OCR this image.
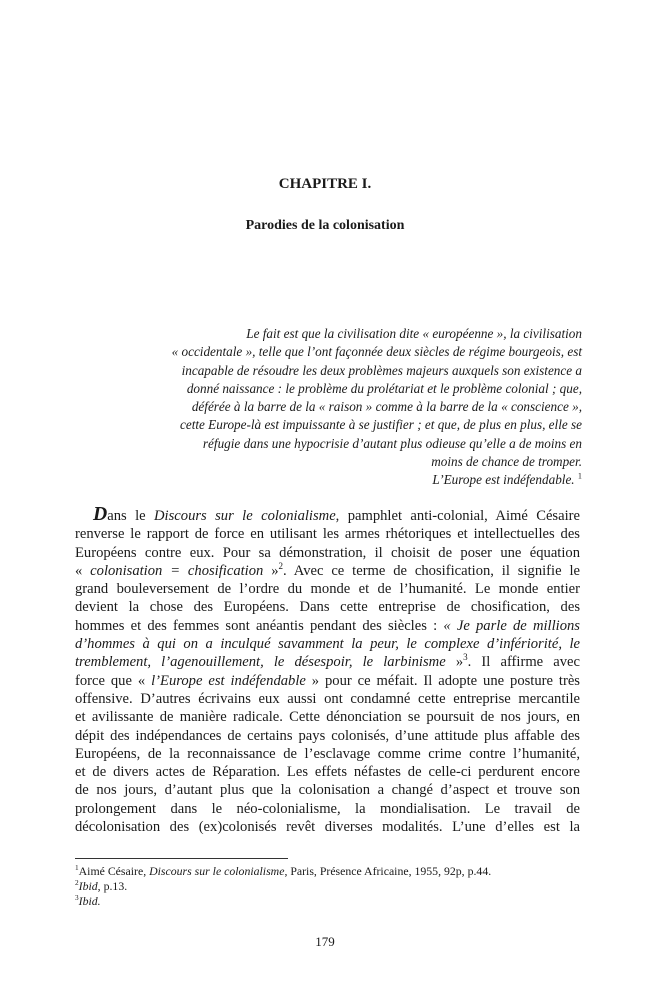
CHAPITRE I.
Parodies de la colonisation
Le fait est que la civilisation dite « européenne », la civilisation
« occidentale », telle que l’ont façonnée deux siècles de régime bourgeois, est
incapable de résoudre les deux problèmes majeurs auxquels son existence a
donné naissance : le problème du prolétariat et le problème colonial ; que,
déférée à la barre de la « raison » comme à la barre de la « conscience »,
cette Europe-là est impuissante à se justifier ; et que, de plus en plus, elle se
réfugie dans une hypocrisie d’autant plus odieuse qu’elle a de moins en
moins de chance de tromper.
L’Europe est indéfendable. $^1$
Dans le Discours sur le colonialisme, pamphlet anti-colonial, Aimé Césaire
renverse le rapport de force en utilisant les armes rhétoriques et intellectuelles des
Européens contre eux. Pour sa démonstration, il choisit de poser une équation
« colonisation = chosification »$^2$. Avec ce terme de chosification, il signifie le
grand bouleversement de l’ordre du monde et de l’humanité. Le monde entier
devient la chose des Européens. Dans cette entreprise de chosification, des
hommes et des femmes sont anéantis pendant des siècles : « Je parle de millions
d’hommes à qui on a inculqué savamment la peur, le complexe d’infériorité, le
tremblement, l’agenouillement, le désespoir, le larbinisme »$^3$. Il affirme avec
force que « l’Europe est indéfendable » pour ce méfait. Il adopte une posture très
offensive. D’autres écrivains eux aussi ont condamné cette entreprise mercantile
et avilissante de manière radicale. Cette dénonciation se poursuit de nos jours, en
dépit des indépendances de certains pays colonisés, d’une attitude plus affable des
Européens, de la reconnaissance de l’esclavage comme crime contre l’humanité,
et de divers actes de Réparation. Les effets néfastes de celle-ci perdurent encore
de nos jours, d’autant plus que la colonisation a changé d’aspect et trouve son
prolongement dans le néo-colonialisme, la mondialisation. Le travail de
décolonisation des (ex)colonisés revêt diverses modalités. L’une d’elles est la
$^1$Aimé Césaire, Discours sur le colonialisme, Paris, Présence Africaine, 1955, 92p, p.44.
$^2$Ibid, p.13.
$^3$Ibid.
179
